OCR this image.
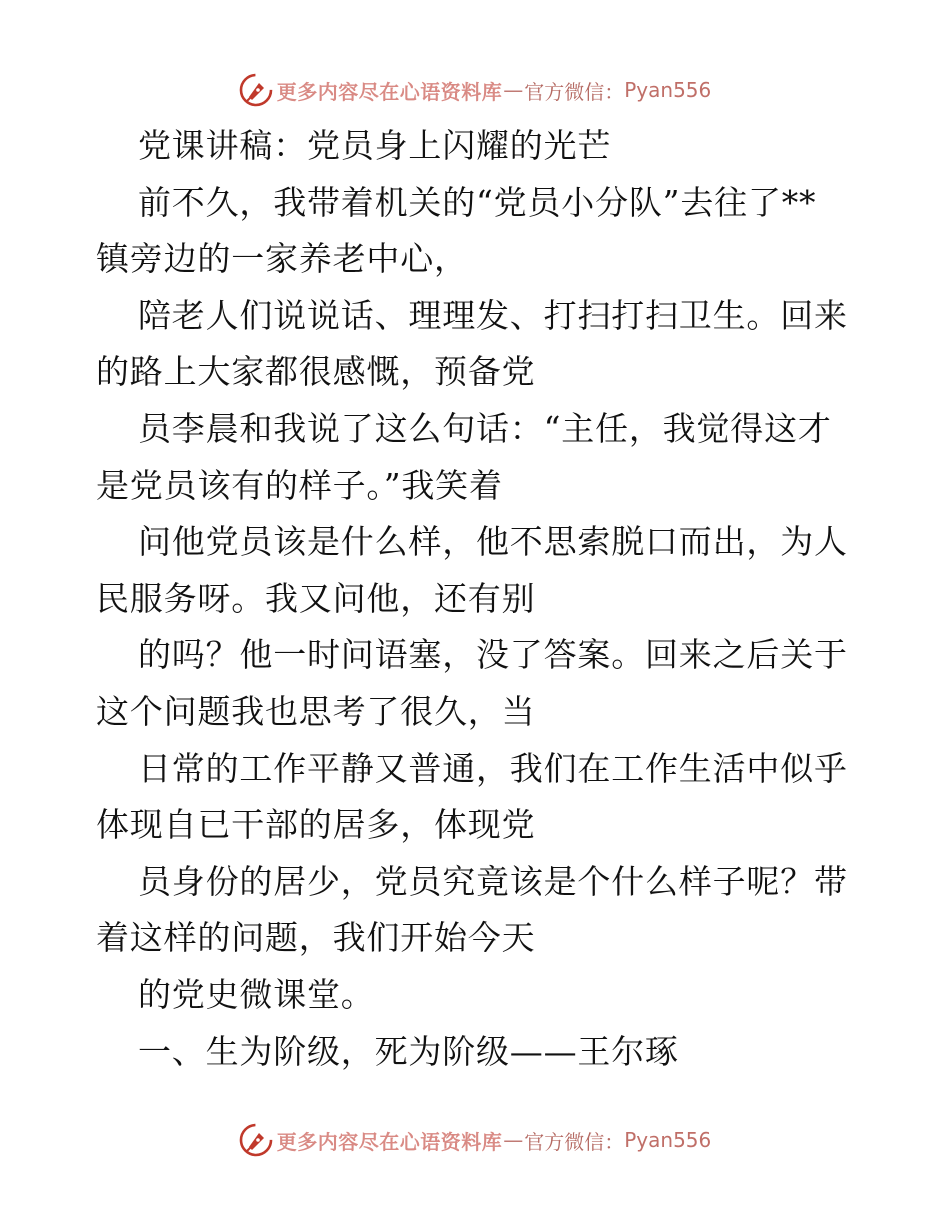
更多内容尽在心语资料库 — 官方微信： Pyan556
党课讲稿：党员身上闪耀的光芒
前不久，我带着机关的“党员小分队”去往了**
镇旁边的一家养老中心，
陪老人们说说话、理理发、打扫打扫卫生。回来
的路上大家都很感慨，预备党
员李晨和我说了这么句话：“主任，我觉得这才
是党员该有的样子。”我笑着
问他党员该是什么样，他不思索脱口而出，为人
民服务呀。我又问他，还有别
的吗？他一时问语塞，没了答案。回来之后关于
这个问题我也思考了很久，当
日常的工作平静又普通，我们在工作生活中似乎
体现自已干部的居多，体现党
员身份的居少，党员究竟该是个什么样子呢？带
着这样的问题，我们开始今天
的党史微课堂。
一、生为阶级，死为阶级——王尔琢
更多内容尽在心语资料库 — 官方微信： Pyan556
